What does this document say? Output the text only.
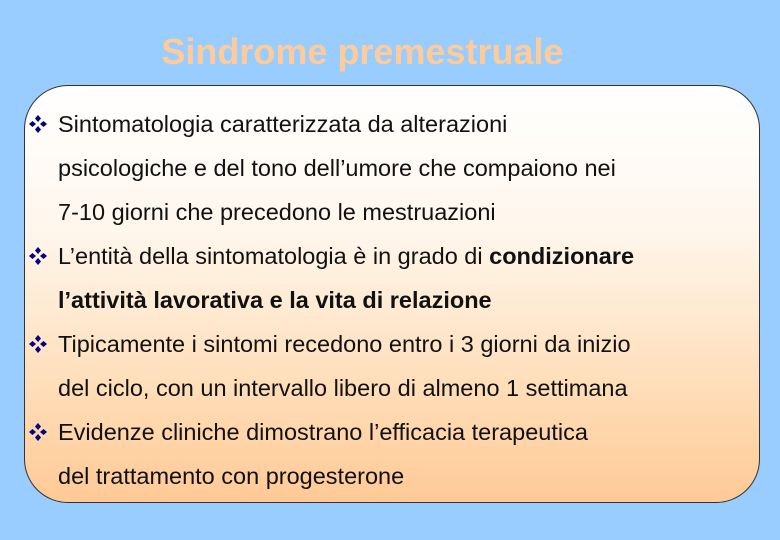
Sindrome premestruale
Sintomatologia caratterizzata da alterazioni
psicologiche e del tono dell’umore che compaiono nei
7-10 giorni che precedono le mestruazioni
L’entità della sintomatologia è in grado di condizionare
l’attività lavorativa e la vita di relazione
Tipicamente i sintomi recedono entro i 3 giorni da inizio
del ciclo, con un intervallo libero di almeno 1 settimana
Evidenze cliniche dimostrano l’efficacia terapeutica
del trattamento con progesterone
